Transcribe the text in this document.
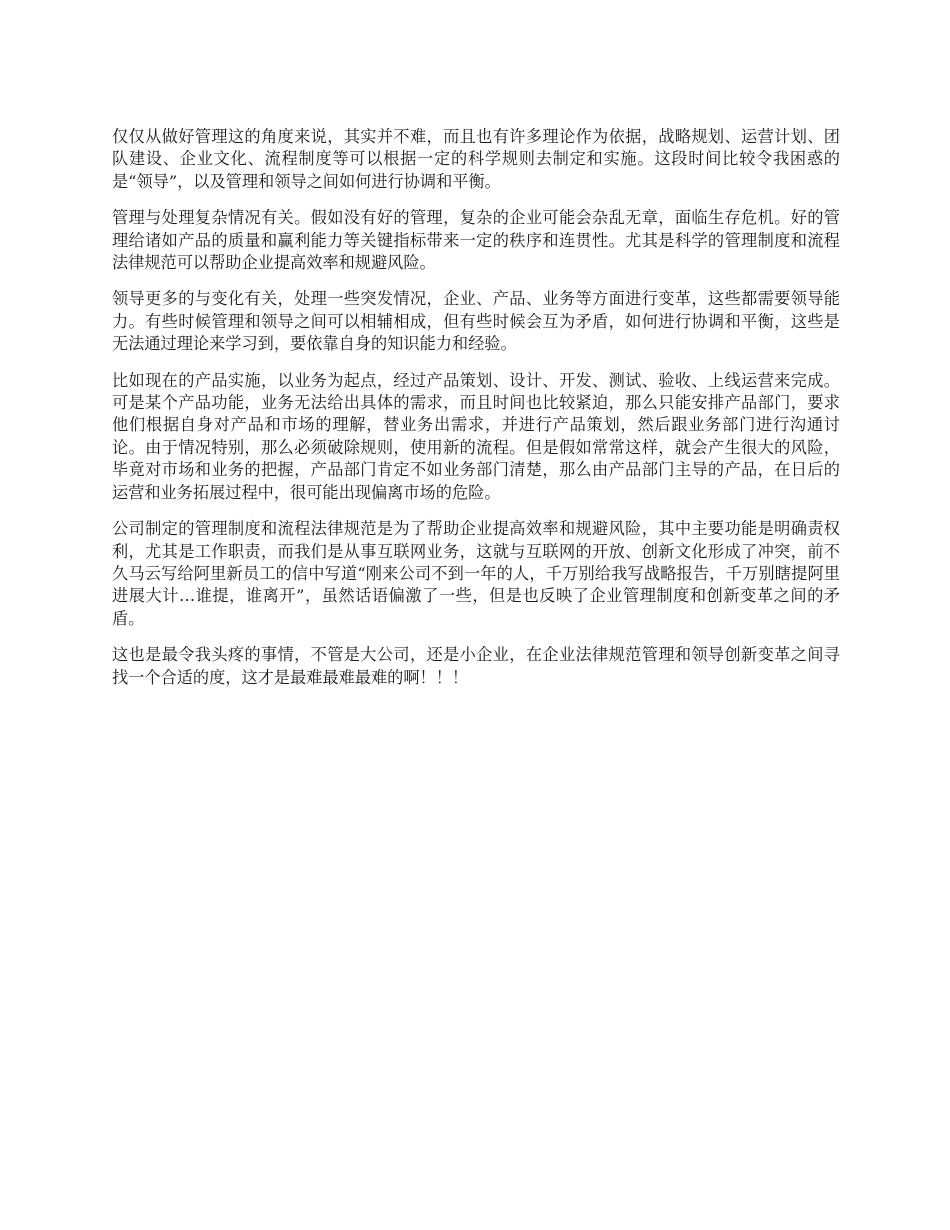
仅仅从做好管理这的角度来说，其实并不难，而且也有许多理论作为依据，战略规划、运营计划、团队建设、企业文化、流程制度等可以根据一定的科学规则去制定和实施。这段时间比较令我困惑的是“领导”，以及管理和领导之间如何进行协调和平衡。

管理与处理复杂情况有关。假如没有好的管理，复杂的企业可能会杂乱无章，面临生存危机。好的管理给诸如产品的质量和赢利能力等关键指标带来一定的秩序和连贯性。尤其是科学的管理制度和流程法律规范可以帮助企业提高效率和规避风险。

领导更多的与变化有关，处理一些突发情况，企业、产品、业务等方面进行变革，这些都需要领导能力。有些时候管理和领导之间可以相辅相成，但有些时候会互为矛盾，如何进行协调和平衡，这些是无法通过理论来学习到，要依靠自身的知识能力和经验。

比如现在的产品实施，以业务为起点，经过产品策划、设计、开发、测试、验收、上线运营来完成。可是某个产品功能，业务无法给出具体的需求，而且时间也比较紧迫，那么只能安排产品部门，要求他们根据自身对产品和市场的理解，替业务出需求，并进行产品策划，然后跟业务部门进行沟通讨论。由于情况特别，那么必须破除规则，使用新的流程。但是假如常常这样，就会产生很大的风险，毕竟对市场和业务的把握，产品部门肯定不如业务部门清楚，那么由产品部门主导的产品，在日后的运营和业务拓展过程中，很可能出现偏离市场的危险。

公司制定的管理制度和流程法律规范是为了帮助企业提高效率和规避风险，其中主要功能是明确责权利，尤其是工作职责，而我们是从事互联网业务，这就与互联网的开放、创新文化形成了冲突，前不久马云写给阿里新员工的信中写道“刚来公司不到一年的人，千万别给我写战略报告，千万别瞎提阿里进展大计…谁提，谁离开”，虽然话语偏激了一些，但是也反映了企业管理制度和创新变革之间的矛盾。

这也是最令我头疼的事情，不管是大公司，还是小企业，在企业法律规范管理和领导创新变革之间寻找一个合适的度，这才是最难最难最难的啊！！！
